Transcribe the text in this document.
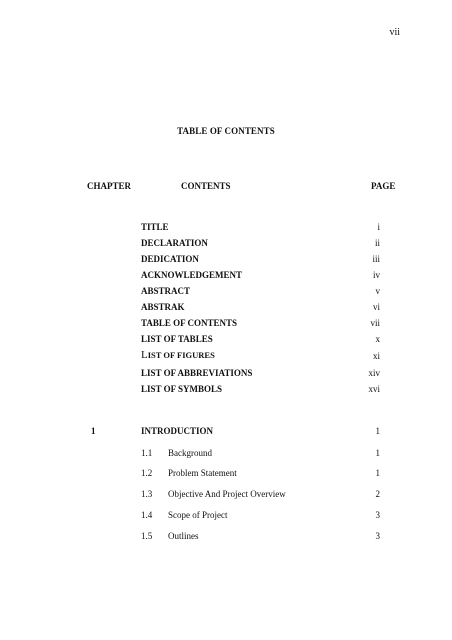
vii
TABLE OF CONTENTS
CHAPTER	CONTENTS	PAGE
TITLE	i
DECLARATION	ii
DEDICATION	iii
ACKNOWLEDGEMENT	iv
ABSTRACT	v
ABSTRAK	vi
TABLE OF CONTENTS	vii
LIST OF TABLES	x
LIST OF FIGURES	xi
LIST OF ABBREVIATIONS	xiv
LIST OF SYMBOLS	xvi
1	INTRODUCTION	1
1.1 Background	1
1.2 Problem Statement	1
1.3 Objective And Project Overview	2
1.4 Scope of Project	3
1.5 Outlines	3
